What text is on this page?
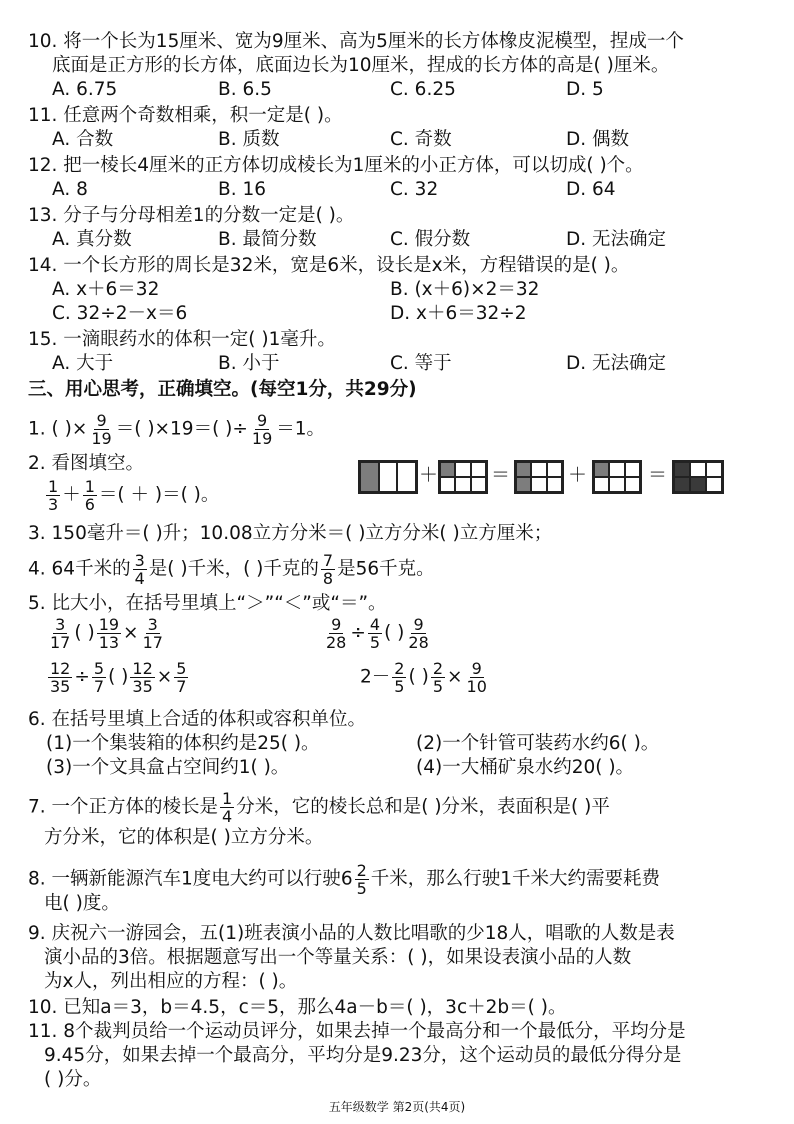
10. 将一个长为15厘米、宽为9厘米、高为5厘米的长方体橡皮泥模型，捏成一个
底面是正方形的长方体，底面边长为10厘米，捏成的长方体的高是( )厘米。
A. 6.75	B. 6.5	C. 6.25	D. 5
11. 任意两个奇数相乘，积一定是( )。
A. 合数	B. 质数	C. 奇数	D. 偶数
12. 把一棱长4厘米的正方体切成棱长为1厘米的小正方体，可以切成( )个。
A. 8	B. 16	C. 32	D. 64
13. 分子与分母相差1的分数一定是( )。
A. 真分数	B. 最简分数	C. 假分数	D. 无法确定
14. 一个长方形的周长是32米，宽是6米，设长是x米，方程错误的是( )。
A. x＋6＝32	B. (x＋6)×2＝32
C. 32÷2－x＝6	D. x＋6＝32÷2
15. 一滴眼药水的体积一定( )1毫升。
A. 大于	B. 小于	C. 等于	D. 无法确定
三、用心思考，正确填空。(每空1分，共29分)
1. ( )× $\frac{9}{19}$ ＝( )×19＝( )÷ $\frac{9}{19} =1$。
2. 看图填空。
$\frac{1}{3} + \frac{1}{6}$ ＝( ＋ )＝( )。
＋	＝	＋	＝
3. 150毫升＝( )升；10.08立方分米＝( )立方分米( )立方厘米；
4. 64千米的 $\frac{3}{4}$ 是( )千米，( )千克的 $\frac{7}{8}$ 是56千克。
5. 比大小，在括号里填上“＞”“＜”或“＝”。
$\frac{3}{17}$ ( ) $\frac{19}{13} \times \frac{3}{17}$	$\frac{9}{28} \div \frac{4}{5}$ ( ) $\frac{9}{28}$
$\frac{12}{35} \div \frac{5}{7}$ ( ) $\frac{12}{35} \times \frac{5}{7}$	$2- \frac{2}{5}$ ( ) $\frac{2}{5} \times \frac{9}{10}$
6. 在括号里填上合适的体积或容积单位。
(1)一个集装箱的体积约是25( )。	(2)一个针管可装药水约6( )。
(3)一个文具盒占空间约1( )。	(4)一大桶矿泉水约20( )。
7. 一个正方体的棱长是 $\frac{1}{4}$ 分米，它的棱长总和是( )分米，表面积是( )平
方分米，它的体积是( )立方分米。
8. 一辆新能源汽车1度电大约可以行驶$6 \frac{2}{5}$ 千米，那么行驶1千米大约需要耗费
电( )度。
9. 庆祝六一游园会，五(1)班表演小品的人数比唱歌的少18人，唱歌的人数是表
演小品的3倍。根据题意写出一个等量关系：( )，如果设表演小品的人数
为x人，列出相应的方程：( )。
10. 已知a＝3，b＝4.5，c＝5，那么4a－b＝( )，3c＋2b＝( )。
11. 8个裁判员给一个运动员评分，如果去掉一个最高分和一个最低分，平均分是
9.45分，如果去掉一个最高分，平均分是9.23分，这个运动员的最低分得分是
( )分。
五年级数学 第2页(共4页)
